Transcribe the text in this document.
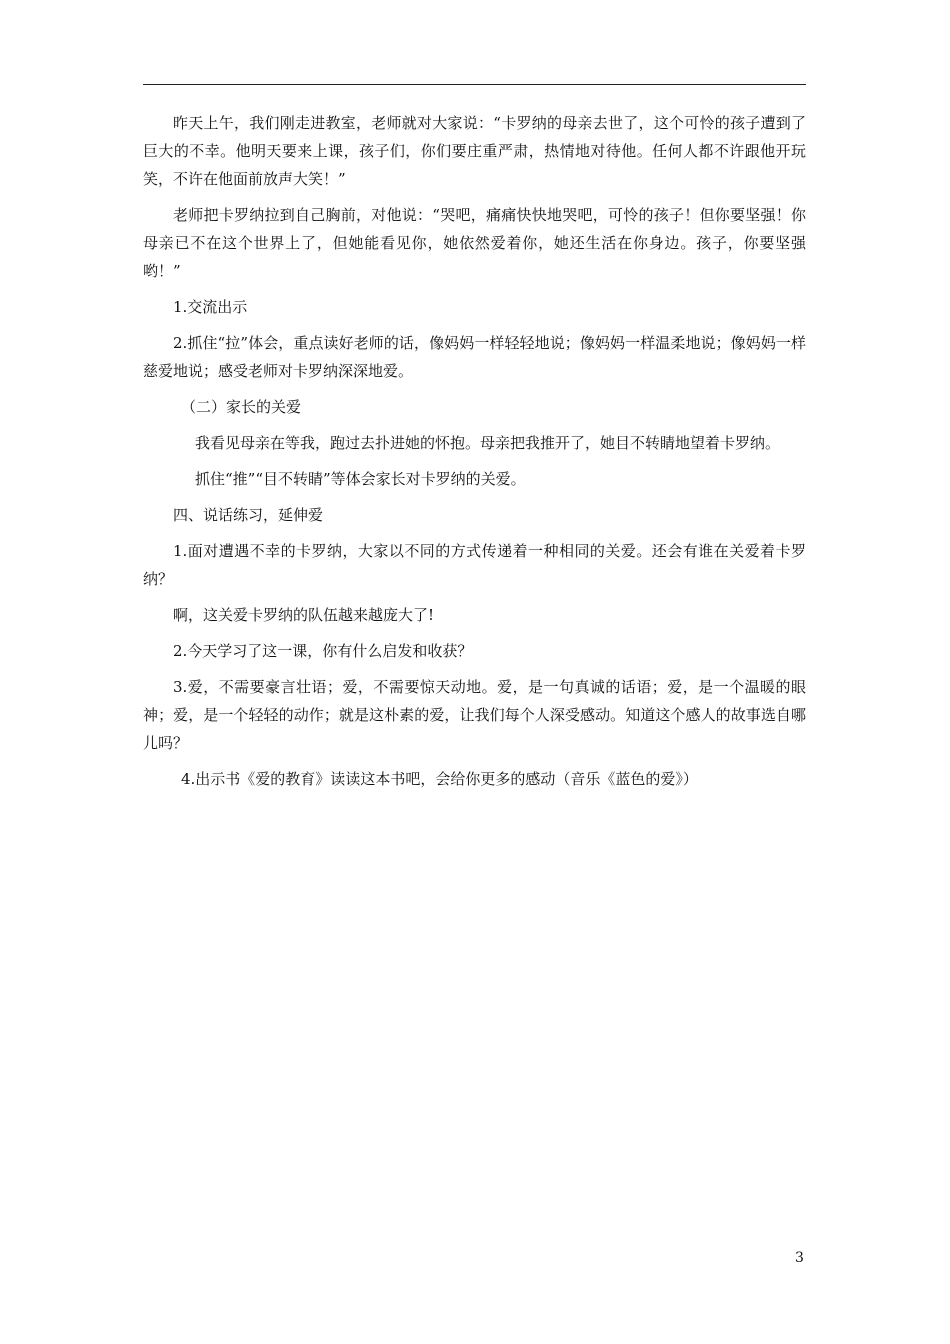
昨天上午，我们刚走进教室，老师就对大家说：“卡罗纳的母亲去世了，这个可怜的孩子遭到了巨大的不幸。他明天要来上课，孩子们，你们要庄重严肃，热情地对待他。任何人都不许跟他开玩笑，不许在他面前放声大笑！”

老师把卡罗纳拉到自己胸前，对他说：“哭吧，痛痛快快地哭吧，可怜的孩子！但你要坚强！你母亲已不在这个世界上了，但她能看见你，她依然爱着你，她还生活在你身边。孩子，你要坚强哟！”

1.交流出示

2.抓住“拉”体会，重点读好老师的话，像妈妈一样轻轻地说；像妈妈一样温柔地说；像妈妈一样慈爱地说；感受老师对卡罗纳深深地爱。

（二）家长的关爱

我看见母亲在等我，跑过去扑进她的怀抱。母亲把我推开了，她目不转睛地望着卡罗纳。

抓住“推”“目不转睛”等体会家长对卡罗纳的关爱。

四、说话练习，延伸爱

1.面对遭遇不幸的卡罗纳，大家以不同的方式传递着一种相同的关爱。还会有谁在关爱着卡罗纳？

啊，这关爱卡罗纳的队伍越来越庞大了!

2.今天学习了这一课，你有什么启发和收获？

3.爱，不需要豪言壮语；爱，不需要惊天动地。爱，是一句真诚的话语；爱，是一个温暖的眼神；爱，是一个轻轻的动作；就是这朴素的爱，让我们每个人深受感动。知道这个感人的故事选自哪儿吗？

4.出示书《爱的教育》读读这本书吧，会给你更多的感动（音乐《蓝色的爱》）

3
